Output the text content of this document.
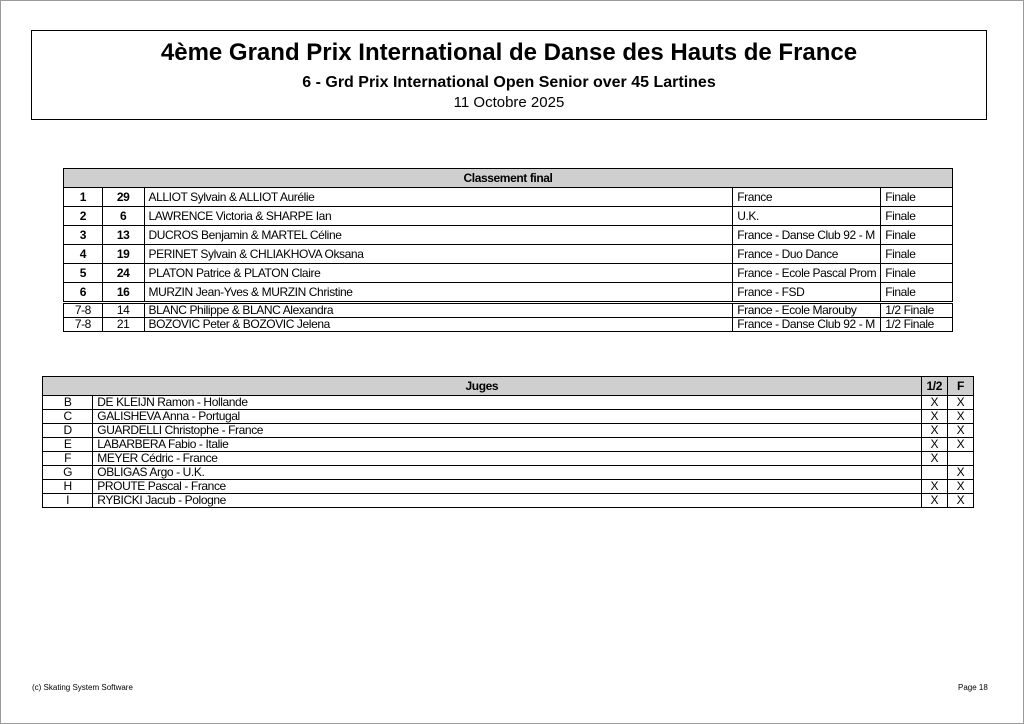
4ème Grand Prix International de Danse des Hauts de France
6 - Grd Prix International Open Senior over 45 Lartines
11 Octobre 2025
Classement final				
1	29	ALLIOT Sylvain & ALLIOT Aurélie	France	Finale
2	6	LAWRENCE Victoria & SHARPE Ian	U.K.	Finale
3	13	DUCROS Benjamin & MARTEL Céline	France - Danse Club 92 - M	Finale
4	19	PERINET Sylvain & CHLIAKHOVA Oksana	France - Duo Dance	Finale
5	24	PLATON Patrice & PLATON Claire	France - Ecole Pascal Prom	Finale
6	16	MURZIN Jean-Yves & MURZIN Christine	France - FSD	Finale

7-8	14	BLANC Philippe & BLANC Alexandra	France - Ecole Marouby	1/2 Finale
7-8	21	BOZOVIC Peter & BOZOVIC Jelena	France - Danse Club 92 - M	1/2 Finale
Juges		1/2	F
B	DE KLEIJN Ramon - Hollande	X	X
C	GALISHEVA Anna - Portugal	X	X
D	GUARDELLI Christophe - France	X	X
E	LABARBERA Fabio - Italie	X	X
F	MEYER Cédric - France	X	
G	OBLIGAS Argo - U.K.		X
H	PROUTE Pascal - France	X	X
I	RYBICKI Jacub - Pologne	X	X
(c) Skating System Software	Page 18
